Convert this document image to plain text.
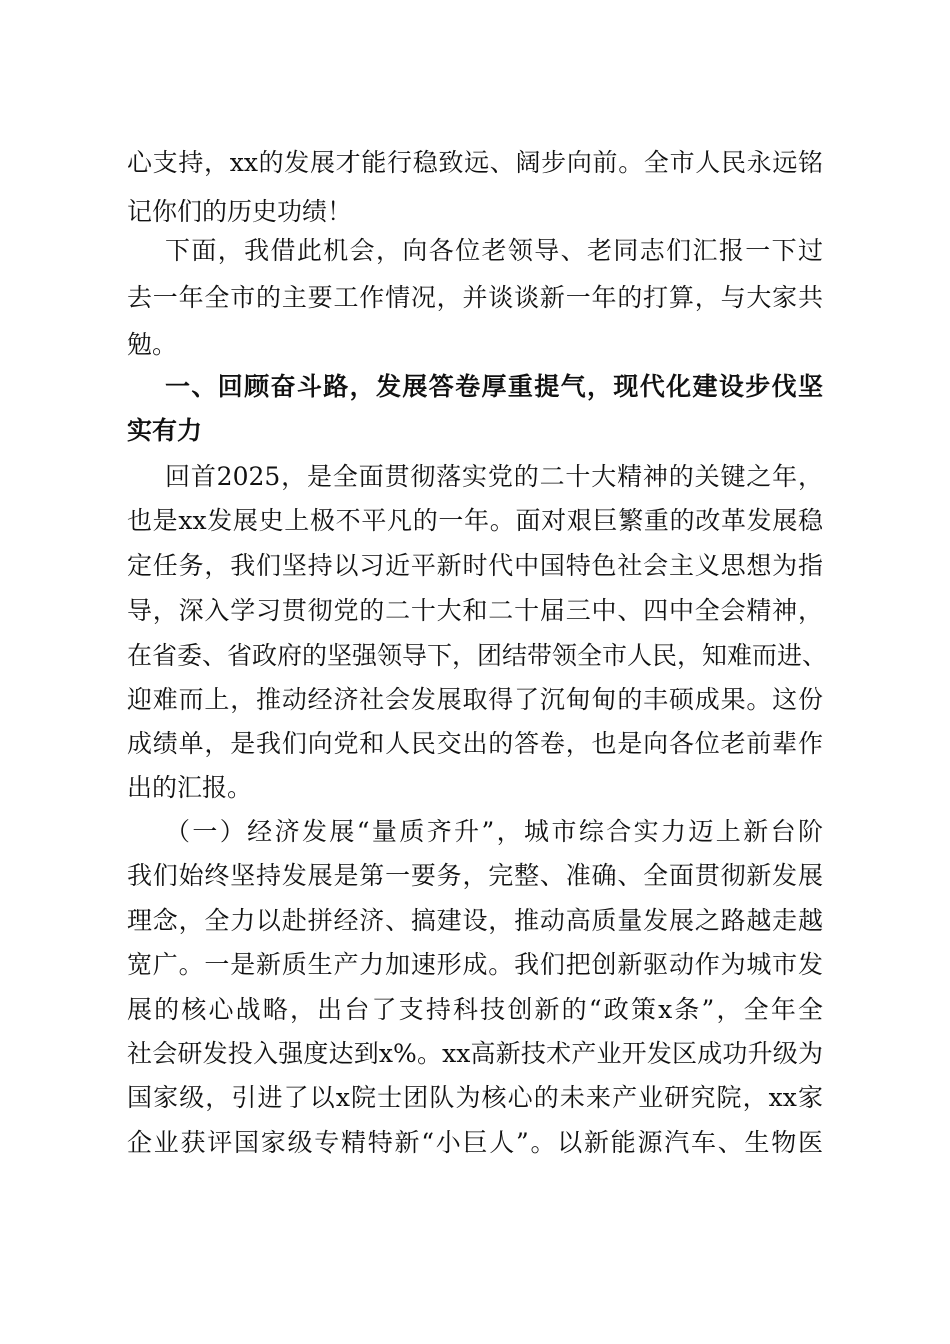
心支持，xx的发展才能行稳致远、阔步向前。全市人民永远铭
记你们的历史功绩！
下面，我借此机会，向各位老领导、老同志们汇报一下过
去一年全市的主要工作情况，并谈谈新一年的打算，与大家共
勉。
一、回顾奋斗路，发展答卷厚重提气，现代化建设步伐坚
实有力
回首2025，是全面贯彻落实党的二十大精神的关键之年，
也是xx发展史上极不平凡的一年。面对艰巨繁重的改革发展稳
定任务，我们坚持以习近平新时代中国特色社会主义思想为指
导，深入学习贯彻党的二十大和二十届三中、四中全会精神，
在省委、省政府的坚强领导下，团结带领全市人民，知难而进、
迎难而上，推动经济社会发展取得了沉甸甸的丰硕成果。这份
成绩单，是我们向党和人民交出的答卷，也是向各位老前辈作
出的汇报。
（一）经济发展“量质齐升”，城市综合实力迈上新台阶
我们始终坚持发展是第一要务，完整、准确、全面贯彻新发展
理念，全力以赴拼经济、搞建设，推动高质量发展之路越走越
宽广。一是新质生产力加速形成。我们把创新驱动作为城市发
展的核心战略，出台了支持科技创新的“政策x条”，全年全
社会研发投入强度达到x%。xx高新技术产业开发区成功升级为
国家级，引进了以x院士团队为核心的未来产业研究院，xx家
企业获评国家级专精特新“小巨人”。以新能源汽车、生物医
